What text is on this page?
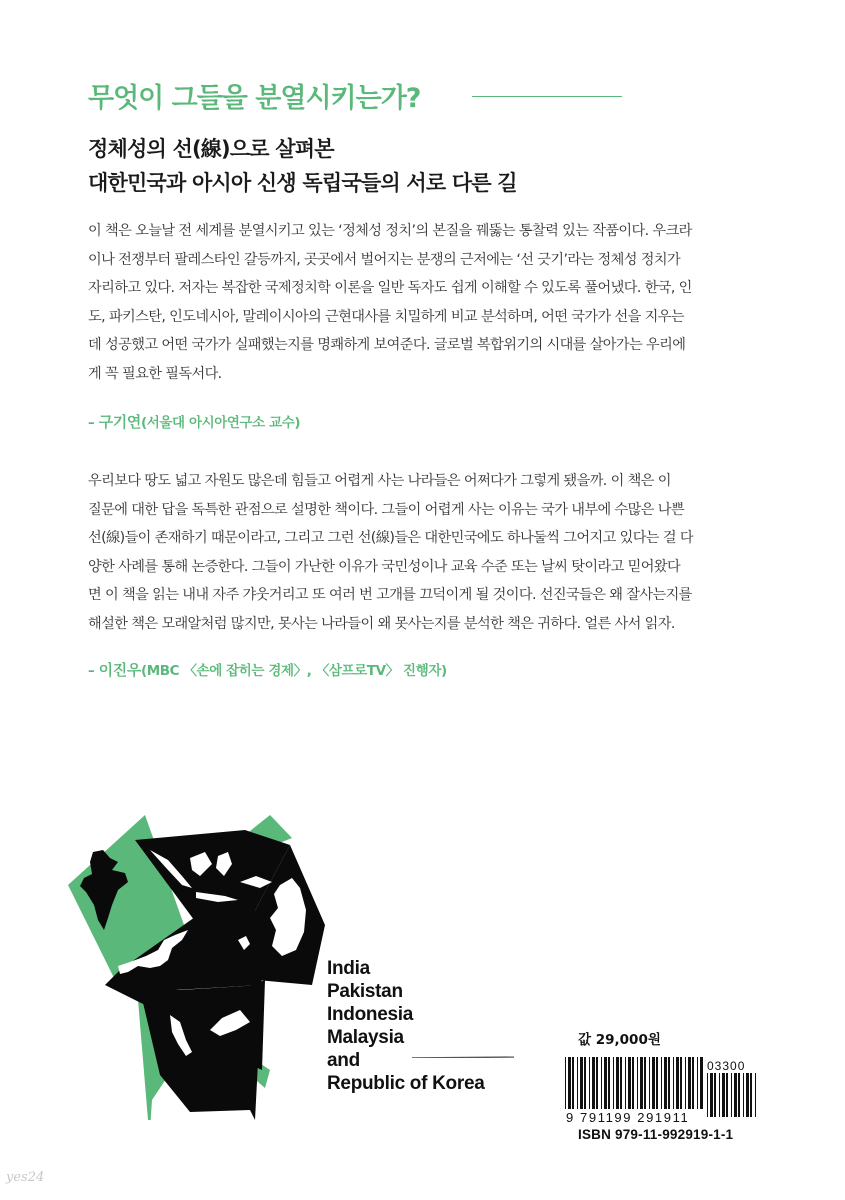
무엇이 그들을 분열시키는가?
정체성의 선(線)으로 살펴본
대한민국과 아시아 신생 독립국들의 서로 다른 길
이 책은 오늘날 전 세계를 분열시키고 있는 ‘정체성 정치’의 본질을 꿰뚫는 통찰력 있는 작품이다. 우크라
이나 전쟁부터 팔레스타인 갈등까지, 곳곳에서 벌어지는 분쟁의 근저에는 ‘선 긋기’라는 정체성 정치가
자리하고 있다. 저자는 복잡한 국제정치학 이론을 일반 독자도 쉽게 이해할 수 있도록 풀어냈다. 한국, 인
도, 파키스탄, 인도네시아, 말레이시아의 근현대사를 치밀하게 비교 분석하며, 어떤 국가가 선을 지우는
데 성공했고 어떤 국가가 실패했는지를 명쾌하게 보여준다. 글로벌 복합위기의 시대를 살아가는 우리에
게 꼭 필요한 필독서다.
– 구기연(서울대 아시아연구소 교수)
우리보다 땅도 넓고 자원도 많은데 힘들고 어렵게 사는 나라들은 어쩌다가 그렇게 됐을까. 이 책은 이
질문에 대한 답을 독특한 관점으로 설명한 책이다. 그들이 어렵게 사는 이유는 국가 내부에 수많은 나쁜
선(線)들이 존재하기 때문이라고, 그리고 그런 선(線)들은 대한민국에도 하나둘씩 그어지고 있다는 걸 다
양한 사례를 통해 논증한다. 그들이 가난한 이유가 국민성이나 교육 수준 또는 날씨 탓이라고 믿어왔다
면 이 책을 읽는 내내 자주 갸웃거리고 또 여러 번 고개를 끄덕이게 될 것이다. 선진국들은 왜 잘사는지를
해설한 책은 모래알처럼 많지만, 못사는 나라들이 왜 못사는지를 분석한 책은 귀하다. 얼른 사서 읽자.
– 이진우(MBC 〈손에 잡히는 경제〉, 〈삼프로TV〉 진행자)
India
Pakistan
Indonesia
Malaysia
and
Republic of Korea
값 29,000원
03300
9 791199 291911
ISBN 979-11-992919-1-1
yes24
